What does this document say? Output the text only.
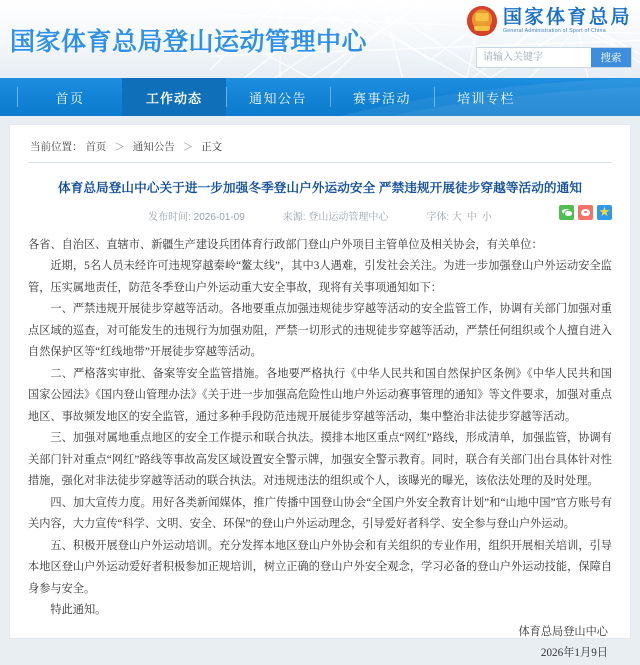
国家体育总局登山运动管理中心
国家体育总局
General Administration of Sport of China
请输入关键字
搜索
首页	工作动态	通知公告	赛事活动	培训专栏
当前位置： 首页 ＞ 通知公告 ＞ 正文
体育总局登山中心关于进一步加强冬季登山户外运动安全 严禁违规开展徒步穿越等活动的通知
发布时间: 2026-01-09	来源: 登山运动管理中心	字体: 大 中 小
★

各省、自治区、直辖市、新疆生产建设兵团体育行政部门登山户外项目主管单位及相关协会，有关单位：

近期，5名人员未经许可违规穿越秦岭“鳌太线”，其中3人遇难，引发社会关注。为进一步加强登山户外运动安全监管，压实属地责任，防范冬季登山户外运动重大安全事故，现将有关事项通知如下：

一、严禁违规开展徒步穿越等活动。各地要重点加强违规徒步穿越等活动的安全监管工作，协调有关部门加强对重点区域的巡查，对可能发生的违规行为加强劝阻，严禁一切形式的违规徒步穿越等活动，严禁任何组织或个人擅自进入自然保护区等“红线地带”开展徒步穿越等活动。

二、严格落实审批、备案等安全监管措施。各地要严格执行《中华人民共和国自然保护区条例》《中华人民共和国国家公园法》《国内登山管理办法》《关于进一步加强高危险性山地户外运动赛事管理的通知》等文件要求，加强对重点地区、事故频发地区的安全监管，通过多种手段防范违规开展徒步穿越等活动，集中整治非法徒步穿越等活动。

三、加强对属地重点地区的安全工作提示和联合执法。摸排本地区重点“网红”路线，形成清单，加强监管，协调有关部门针对重点“网红”路线等事故高发区域设置安全警示牌，加强安全警示教育。同时，联合有关部门出台具体针对性措施，强化对非法徒步穿越等活动的联合执法。对违规违法的组织或个人，该曝光的曝光，该依法处理的及时处理。

四、加大宣传力度。用好各类新闻媒体，推广传播中国登山协会“全国户外安全教育计划”和“山地中国”官方账号有关内容，大力宣传“科学、文明、安全、环保”的登山户外运动理念，引导爱好者科学、安全参与登山户外运动。

五、积极开展登山户外运动培训。充分发挥本地区登山户外协会和有关组织的专业作用，组织开展相关培训，引导本地区登山户外运动爱好者积极参加正规培训，树立正确的登山户外安全观念，学习必备的登山户外运动技能，保障自身参与安全。

特此通知。

体育总局登山中心
2026年1月9日
